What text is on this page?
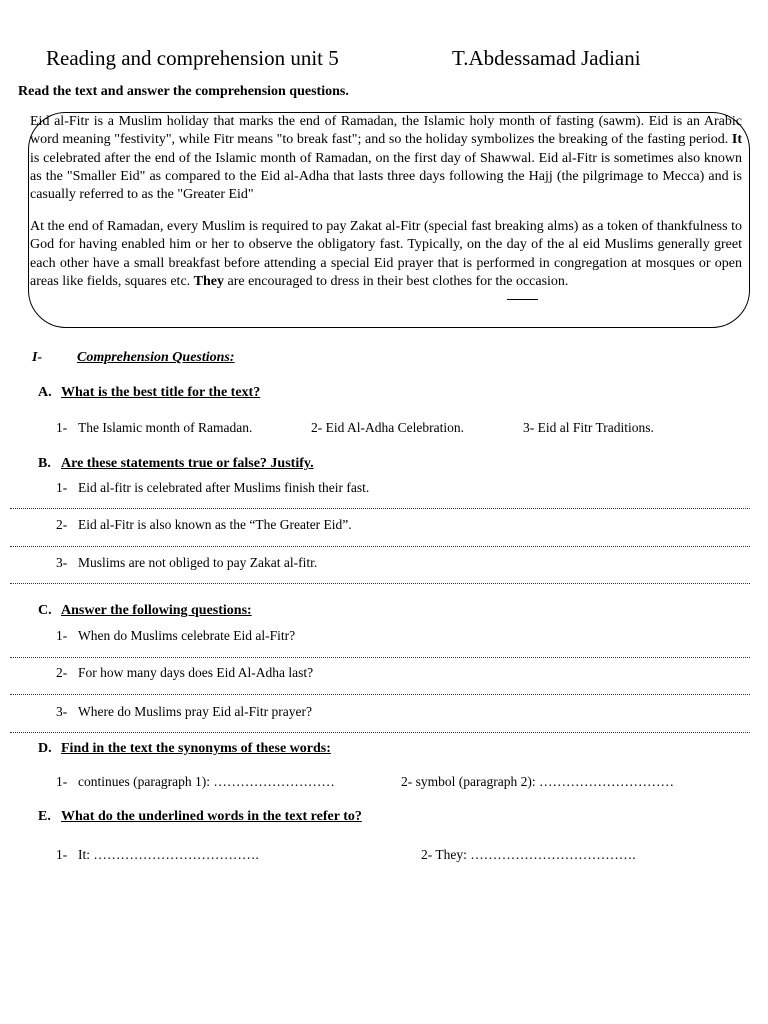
Reading and comprehension unit 5	T.Abdessamad Jadiani
Read the text and answer the comprehension questions.
Eid al-Fitr is a Muslim holiday that marks the end of Ramadan, the Islamic holy month of fasting (sawm). Eid is an Arabic word meaning "festivity", while Fitr means "to break fast"; and so the holiday symbolizes the breaking of the fasting period. It is celebrated after the end of the Islamic month of Ramadan, on the first day of Shawwal. Eid al-Fitr is sometimes also known as the "Smaller Eid" as compared to the Eid al-Adha that lasts three days following the Hajj (the pilgrimage to Mecca) and is casually referred to as the "Greater Eid"
At the end of Ramadan, every Muslim is required to pay Zakat al-Fitr (special fast breaking alms) as a token of thankfulness to God for having enabled him or her to observe the obligatory fast. Typically, on the day of the al eid Muslims generally greet each other have a small breakfast before attending a special Eid prayer that is performed in congregation at mosques or open areas like fields, squares etc. They are encouraged to dress in their best clothes for the occasion.
I- Comprehension Questions:
A. What is the best title for the text?
1- The Islamic month of Ramadan.	2- Eid Al-Adha Celebration.	3- Eid al Fitr Traditions.
B. Are these statements true or false? Justify.
1- Eid al-fitr is celebrated after Muslims finish their fast.
2- Eid al-Fitr is also known as the “The Greater Eid”.
3- Muslims are not obliged to pay Zakat al-fitr.
C. Answer the following questions:
1- When do Muslims celebrate Eid al-Fitr?
2- For how many days does Eid Al-Adha last?
3- Where do Muslims pray Eid al-Fitr prayer?
D. Find in the text the synonyms of these words:
1- continues (paragraph 1): ………………………	2- symbol (paragraph 2): …………………………
E. What do the underlined words in the text refer to?
1- It: ……………………………….	2- They: ……………………………….
